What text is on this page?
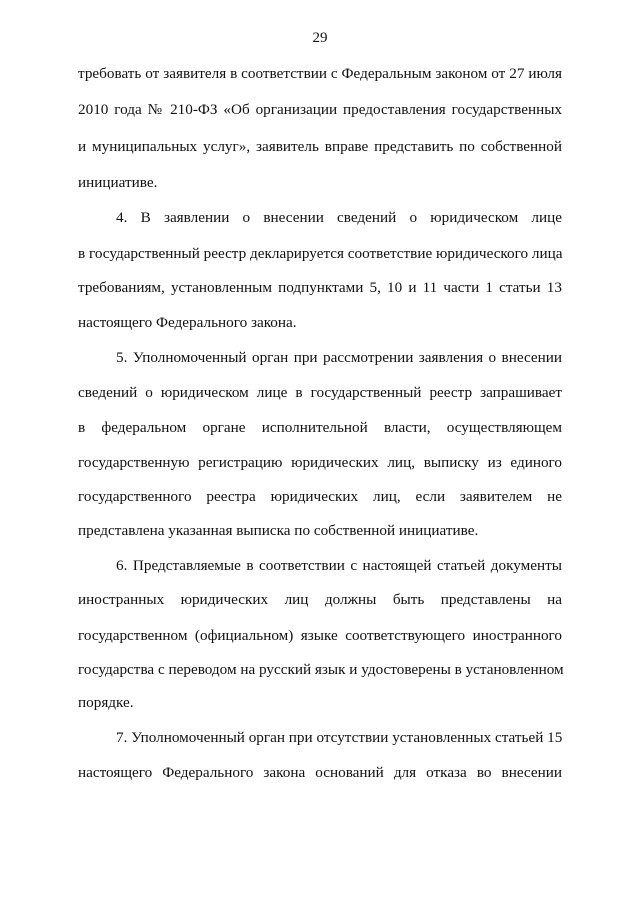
29
требовать от заявителя в соответствии с Федеральным законом от 27 июля
2010 года № 210-ФЗ «Об организации предоставления государственных
и муниципальных услуг», заявитель вправе представить по собственной
инициативе.
4. В заявлении о внесении сведений о юридическом лице
в государственный реестр декларируется соответствие юридического лица
требованиям, установленным подпунктами 5, 10 и 11 части 1 статьи 13
настоящего Федерального закона.
5. Уполномоченный орган при рассмотрении заявления о внесении
сведений о юридическом лице в государственный реестр запрашивает
в федеральном органе исполнительной власти, осуществляющем
государственную регистрацию юридических лиц, выписку из единого
государственного реестра юридических лиц, если заявителем не
представлена указанная выписка по собственной инициативе.
6. Представляемые в соответствии с настоящей статьей документы
иностранных юридических лиц должны быть представлены на
государственном (официальном) языке соответствующего иностранного
государства с переводом на русский язык и удостоверены в установленном
порядке.
7. Уполномоченный орган при отсутствии установленных статьей 15
настоящего Федерального закона оснований для отказа во внесении
